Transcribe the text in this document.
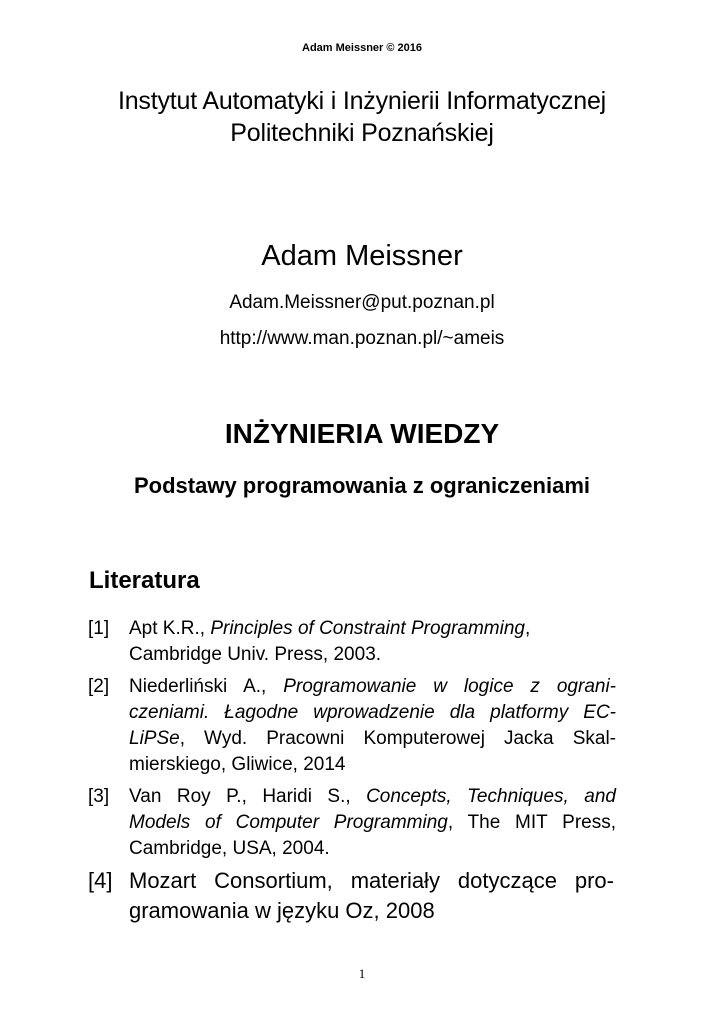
Adam Meissner © 2016
Instytut Automatyki i Inżynierii Informatycznej
Politechniki Poznańskiej
Adam Meissner
Adam.Meissner@put.poznan.pl
http://www.man.poznan.pl/~ameis
INŻYNIERIA WIEDZY
Podstawy programowania z ograniczeniami
Literatura
[1] Apt K.R., Principles of Constraint Programming,
Cambridge Univ. Press, 2003.
[2] Niederliński A., Programowanie w logice z ograni-
czeniami. Łagodne wprowadzenie dla platformy EC-
LiPSe, Wyd. Pracowni Komputerowej Jacka Skal-
mierskiego, Gliwice, 2014
[3] Van Roy P., Haridi S., Concepts, Techniques, and
Models of Computer Programming, The MIT Press,
Cambridge, USA, 2004.
[4] Mozart Consortium, materiały dotyczące pro-
gramowania w języku Oz, 2008
1
